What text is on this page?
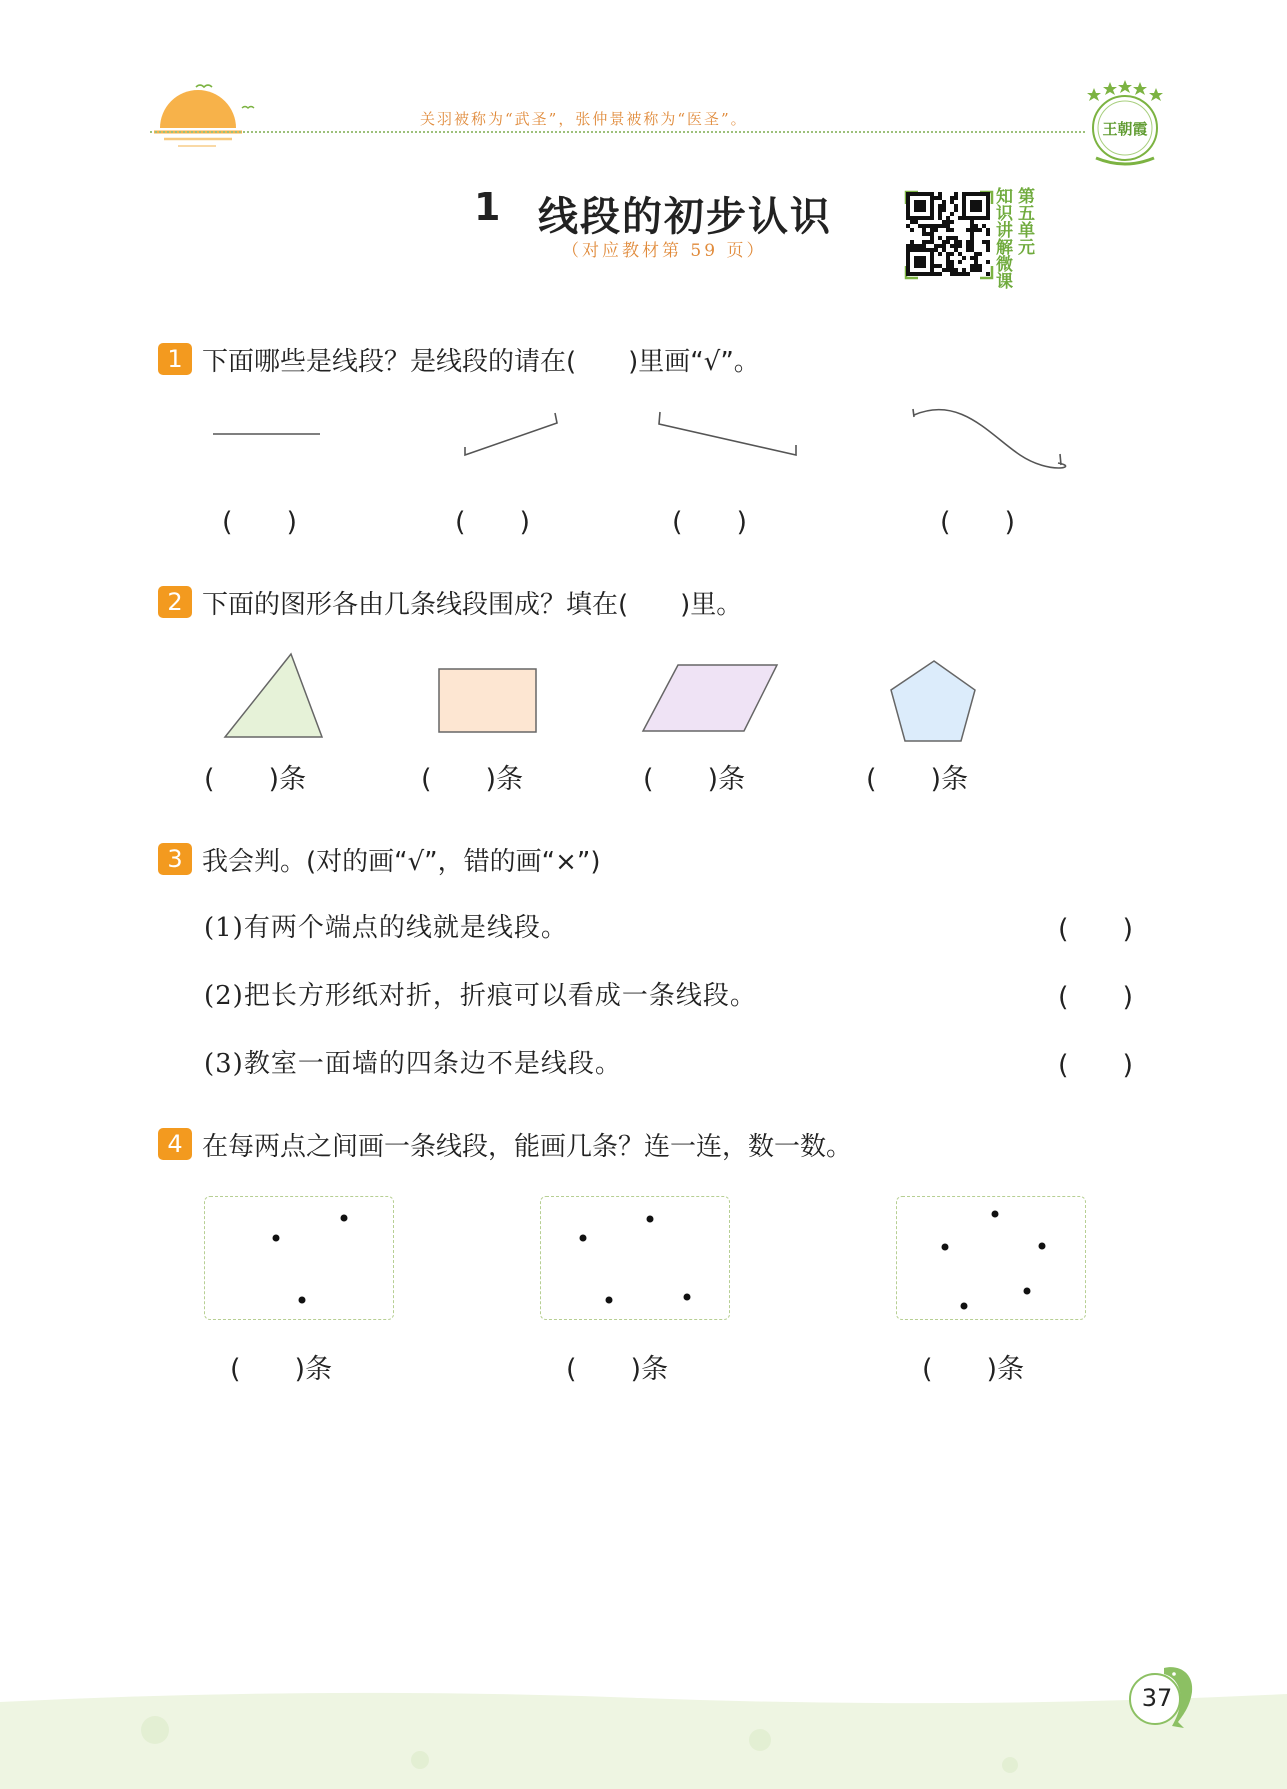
关羽被称为“武圣”，张仲景被称为“医圣”。
王朝霞
1 线段的初步认识
（对应教材第 59 页）
知识讲解微课
第五单元
1 下面哪些是线段？是线段的请在(　　)里画“√”。
(　　)	(　　)	(　　)	(　　)
2 下面的图形各由几条线段围成？填在(　　)里。
(　　)条	(　　)条	(　　)条	(　　)条
3 我会判。(对的画“√”，错的画“×”)
(1)有两个端点的线就是线段。	(　　)
(2)把长方形纸对折，折痕可以看成一条线段。	(　　)
(3)教室一面墙的四条边不是线段。	(　　)
4 在每两点之间画一条线段，能画几条？连一连，数一数。
(　　)条	(　　)条	(　　)条
37
